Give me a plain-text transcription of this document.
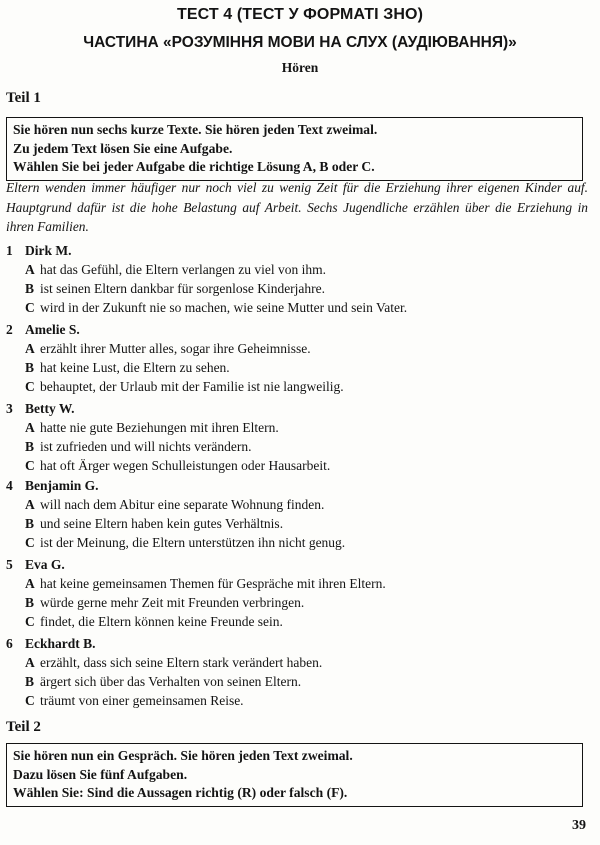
ТЕСТ 4 (ТЕСТ У ФОРМАТІ ЗНО)
ЧАСТИНА «РОЗУМІННЯ МОВИ НА СЛУХ (АУДІЮВАННЯ)»
Hören
Teil 1
Sie hören nun sechs kurze Texte. Sie hören jeden Text zweimal.
Zu jedem Text lösen Sie eine Aufgabe.
Wählen Sie bei jeder Aufgabe die richtige Lösung A, B oder C.
Eltern wenden immer häufiger nur noch viel zu wenig Zeit für die Erziehung ihrer eigenen Kinder auf. Hauptgrund dafür ist die hohe Belastung auf Arbeit. Sechs Jugendliche erzählen über die Erziehung in ihren Familien.
1 Dirk M.
A hat das Gefühl, die Eltern verlangen zu viel von ihm.
B ist seinen Eltern dankbar für sorgenlose Kinderjahre.
C wird in der Zukunft nie so machen, wie seine Mutter und sein Vater.
2 Amelie S.
A erzählt ihrer Mutter alles, sogar ihre Geheimnisse.
B hat keine Lust, die Eltern zu sehen.
C behauptet, der Urlaub mit der Familie ist nie langweilig.
3 Betty W.
A hatte nie gute Beziehungen mit ihren Eltern.
B ist zufrieden und will nichts verändern.
C hat oft Ärger wegen Schulleistungen oder Hausarbeit.
4 Benjamin G.
A will nach dem Abitur eine separate Wohnung finden.
B und seine Eltern haben kein gutes Verhältnis.
C ist der Meinung, die Eltern unterstützen ihn nicht genug.
5 Eva G.
A hat keine gemeinsamen Themen für Gespräche mit ihren Eltern.
B würde gerne mehr Zeit mit Freunden verbringen.
C findet, die Eltern können keine Freunde sein.
6 Eckhardt B.
A erzählt, dass sich seine Eltern stark verändert haben.
B ärgert sich über das Verhalten von seinen Eltern.
C träumt von einer gemeinsamen Reise.
Teil 2
Sie hören nun ein Gespräch. Sie hören jeden Text zweimal.
Dazu lösen Sie fünf Aufgaben.
Wählen Sie: Sind die Aussagen richtig (R) oder falsch (F).
39
